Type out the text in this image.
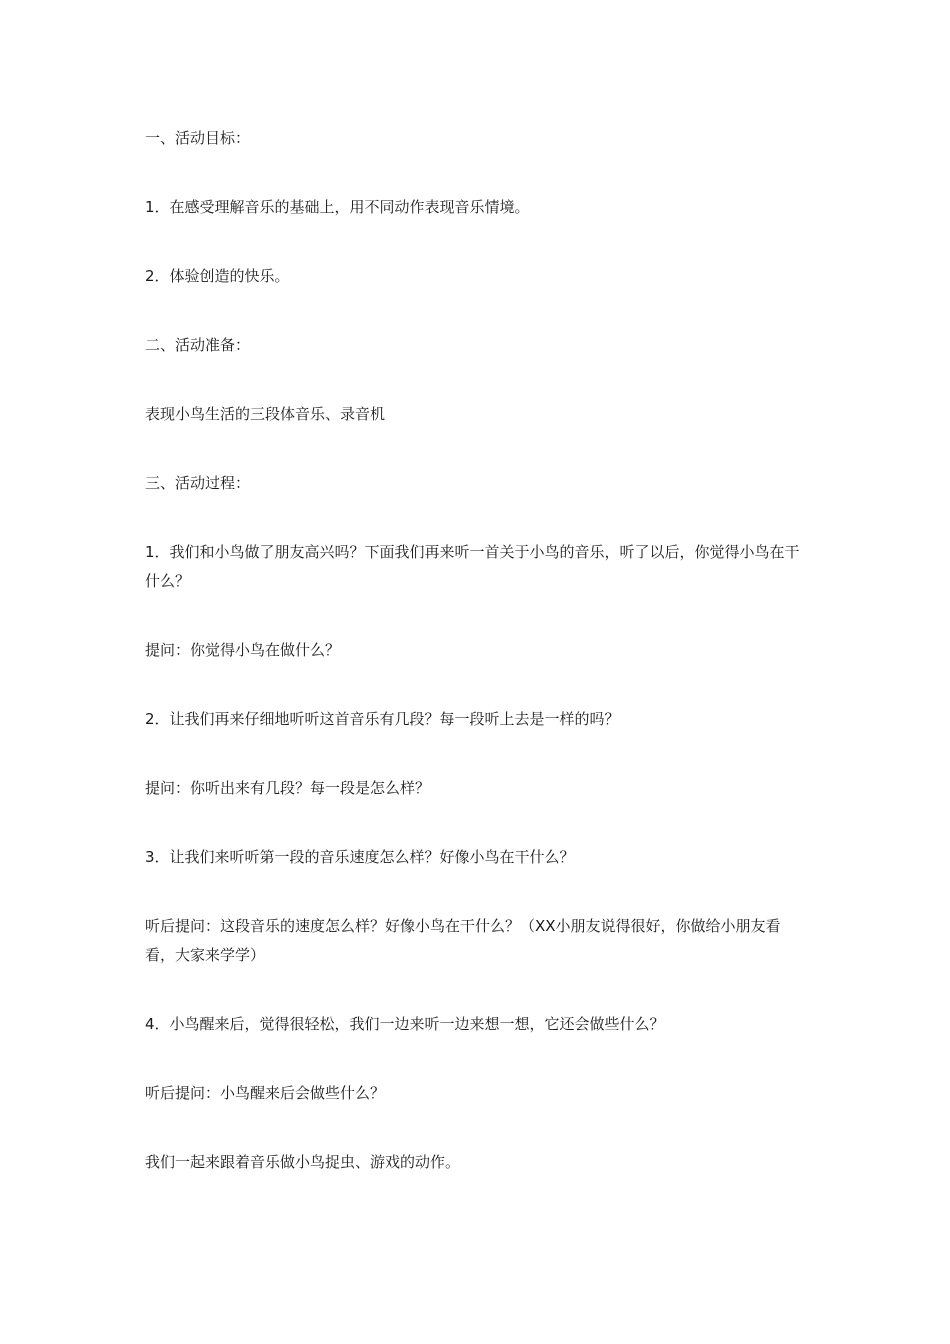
一、活动目标：

1．在感受理解音乐的基础上，用不同动作表现音乐情境。

2．体验创造的快乐。

二、活动准备：

表现小鸟生活的三段体音乐、录音机

三、活动过程：

1．我们和小鸟做了朋友高兴吗？下面我们再来听一首关于小鸟的音乐，听了以后，你觉得小鸟在干什么？

提问：你觉得小鸟在做什么？

2．让我们再来仔细地听听这首音乐有几段？每一段听上去是一样的吗？

提问：你听出来有几段？每一段是怎么样？

3．让我们来听听第一段的音乐速度怎么样？好像小鸟在干什么？

听后提问：这段音乐的速度怎么样？好像小鸟在干什么？（XX小朋友说得很好，你做给小朋友看看，大家来学学）

4．小鸟醒来后，觉得很轻松，我们一边来听一边来想一想，它还会做些什么？

听后提问：小鸟醒来后会做些什么？

我们一起来跟着音乐做小鸟捉虫、游戏的动作。
